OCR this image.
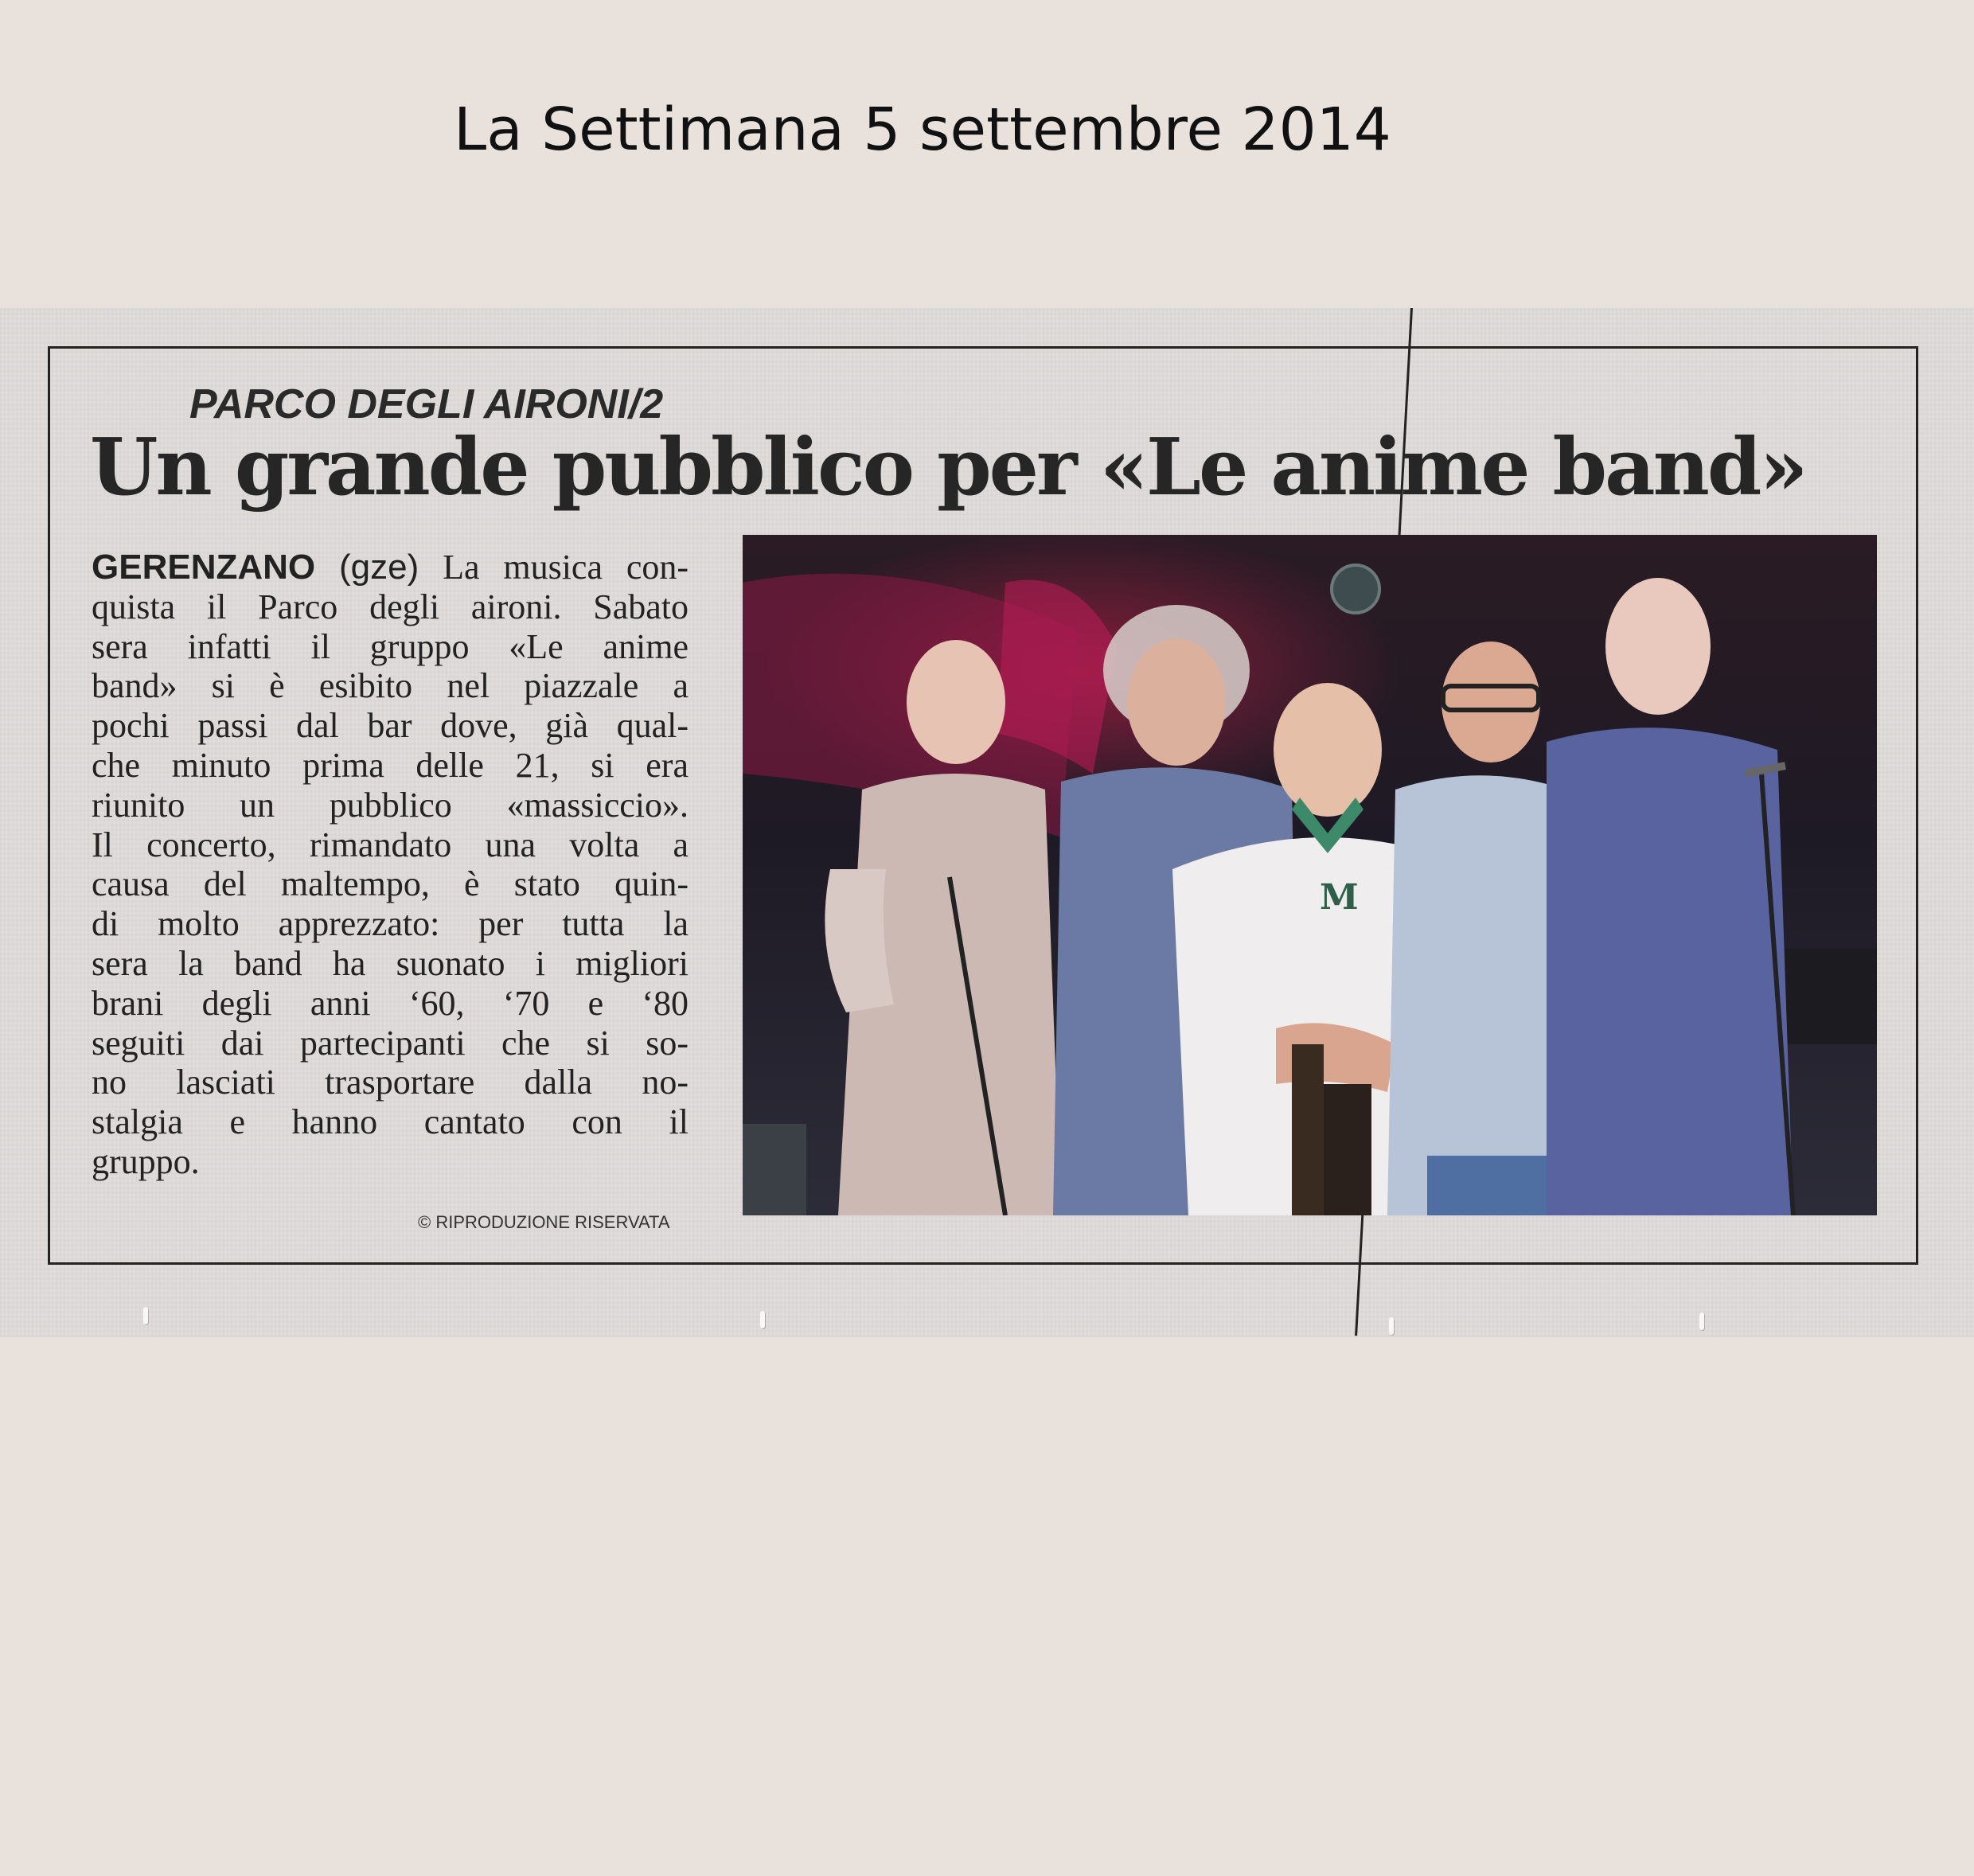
La Settimana 5 settembre 2014
PARCO DEGLI AIRONI/2
Un grande pubblico per «Le anime band»
GERENZANO (gze) La musica con-
quista il Parco degli aironi. Sabato
sera infatti il gruppo «Le anime
band» si è esibito nel piazzale a
pochi passi dal bar dove, già qual-
che minuto prima delle 21, si era
riunito un pubblico «massiccio».
Il concerto, rimandato una volta a
causa del maltempo, è stato quin-
di molto apprezzato: per tutta la
sera la band ha suonato i migliori
brani degli anni ‘60, ‘70 e ‘80
seguiti dai partecipanti che si so-
no lasciati trasportare dalla no-
stalgia e hanno cantato con il
gruppo.
© RIPRODUZIONE RISERVATA
M
